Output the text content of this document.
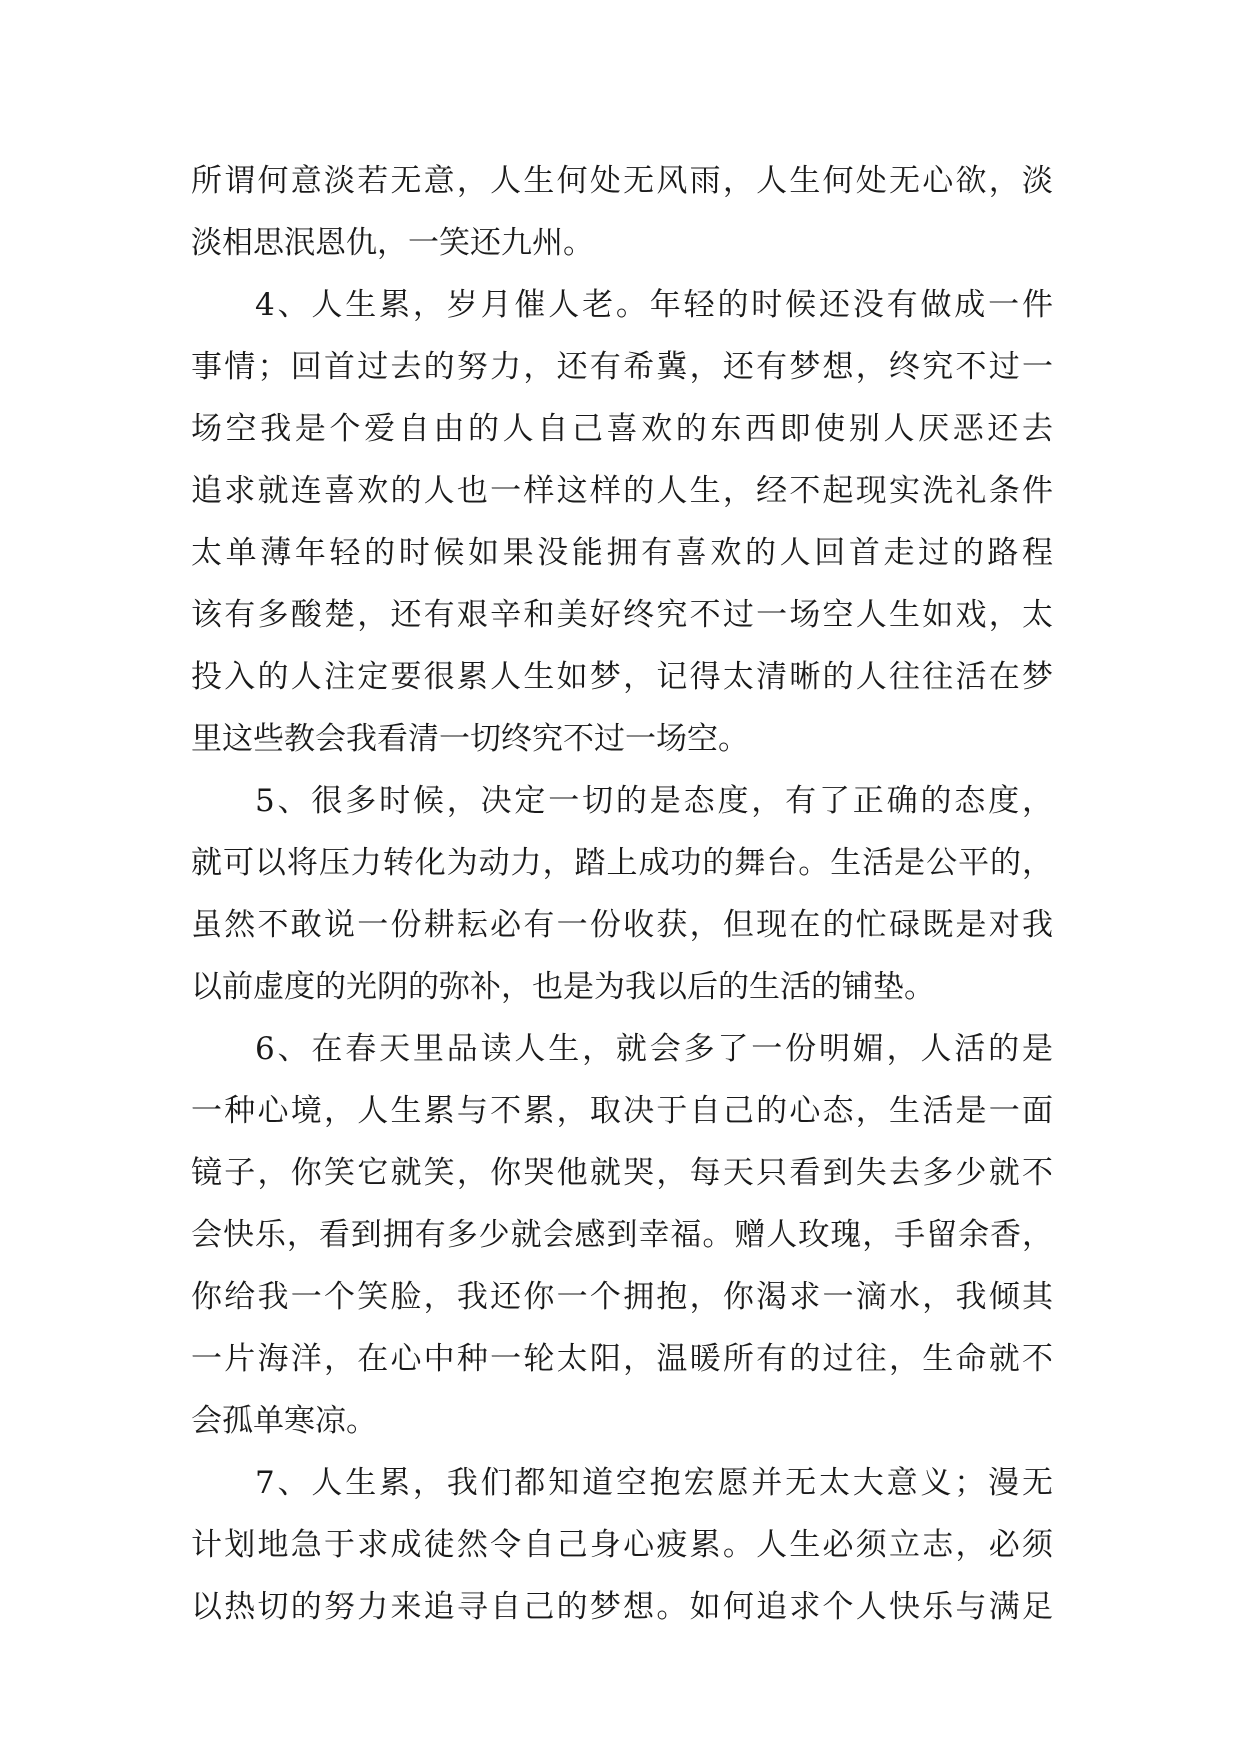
所谓何意淡若无意，人生何处无风雨，人生何处无心欲，淡
淡相思泯恩仇，一笑还九州。
4、人生累，岁月催人老。年轻的时候还没有做成一件
事情；回首过去的努力，还有希冀，还有梦想，终究不过一
场空我是个爱自由的人自己喜欢的东西即使别人厌恶还去
追求就连喜欢的人也一样这样的人生，经不起现实洗礼条件
太单薄年轻的时候如果没能拥有喜欢的人回首走过的路程
该有多酸楚，还有艰辛和美好终究不过一场空人生如戏，太
投入的人注定要很累人生如梦，记得太清晰的人往往活在梦
里这些教会我看清一切终究不过一场空。
5、很多时候，决定一切的是态度，有了正确的态度，
就可以将压力转化为动力，踏上成功的舞台。生活是公平的，
虽然不敢说一份耕耘必有一份收获，但现在的忙碌既是对我
以前虚度的光阴的弥补，也是为我以后的生活的铺垫。
6、在春天里品读人生，就会多了一份明媚，人活的是
一种心境，人生累与不累，取决于自己的心态，生活是一面
镜子，你笑它就笑，你哭他就哭，每天只看到失去多少就不
会快乐，看到拥有多少就会感到幸福。赠人玫瑰，手留余香，
你给我一个笑脸，我还你一个拥抱，你渴求一滴水，我倾其
一片海洋，在心中种一轮太阳，温暖所有的过往，生命就不
会孤单寒凉。
7、人生累，我们都知道空抱宏愿并无太大意义；漫无
计划地急于求成徒然令自己身心疲累。人生必须立志，必须
以热切的努力来追寻自己的梦想。如何追求个人快乐与满足
